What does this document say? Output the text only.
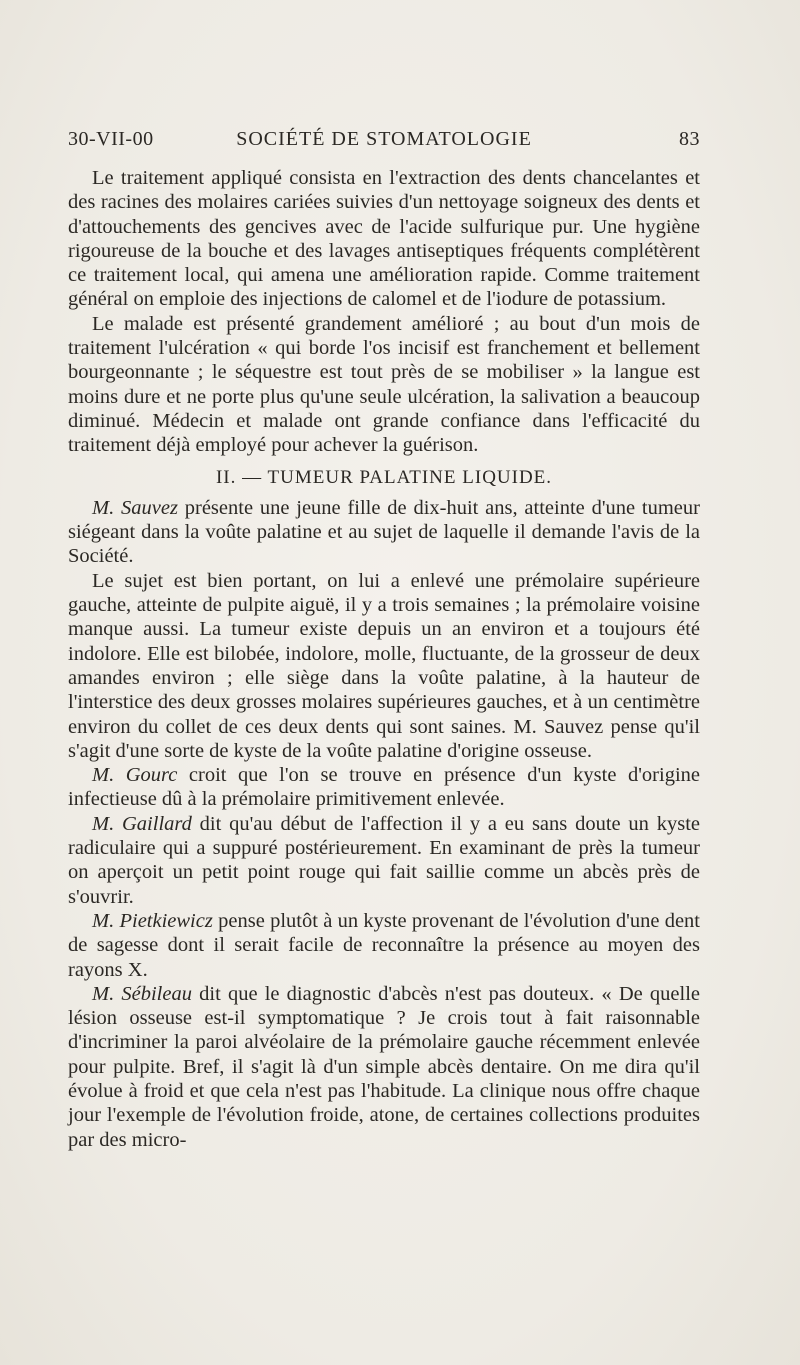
30-VII-00	SOCIÉTÉ DE STOMATOLOGIE	83

Le traitement appliqué consista en l'extraction des dents chancelantes et des racines des molaires cariées suivies d'un nettoyage soigneux des dents et d'attouchements des gencives avec de l'acide sulfurique pur. Une hygiène rigoureuse de la bouche et des lavages antiseptiques fréquents complétèrent ce traitement local, qui amena une amélioration rapide. Comme traitement général on emploie des injections de calomel et de l'iodure de potassium.

Le malade est présenté grandement amélioré ; au bout d'un mois de traitement l'ulcération « qui borde l'os incisif est franchement et bellement bourgeonnante ; le séquestre est tout près de se mobiliser » la langue est moins dure et ne porte plus qu'une seule ulcération, la salivation a beaucoup diminué. Médecin et malade ont grande confiance dans l'efficacité du traitement déjà employé pour achever la guérison.

II. — TUMEUR PALATINE LIQUIDE.

M. Sauvez présente une jeune fille de dix-huit ans, atteinte d'une tumeur siégeant dans la voûte palatine et au sujet de laquelle il demande l'avis de la Société.

Le sujet est bien portant, on lui a enlevé une prémolaire supérieure gauche, atteinte de pulpite aiguë, il y a trois semaines ; la prémolaire voisine manque aussi. La tumeur existe depuis un an environ et a toujours été indolore. Elle est bilobée, indolore, molle, fluctuante, de la grosseur de deux amandes environ ; elle siège dans la voûte palatine, à la hauteur de l'interstice des deux grosses molaires supérieures gauches, et à un centimètre environ du collet de ces deux dents qui sont saines. M. Sauvez pense qu'il s'agit d'une sorte de kyste de la voûte palatine d'origine osseuse.

M. Gourc croit que l'on se trouve en présence d'un kyste d'origine infectieuse dû à la prémolaire primitivement enlevée.

M. Gaillard dit qu'au début de l'affection il y a eu sans doute un kyste radiculaire qui a suppuré postérieurement. En examinant de près la tumeur on aperçoit un petit point rouge qui fait saillie comme un abcès près de s'ouvrir.

M. Pietkiewicz pense plutôt à un kyste provenant de l'évolution d'une dent de sagesse dont il serait facile de reconnaître la présence au moyen des rayons X.

M. Sébileau dit que le diagnostic d'abcès n'est pas douteux. « De quelle lésion osseuse est-il symptomatique ? Je crois tout à fait raisonnable d'incriminer la paroi alvéolaire de la prémolaire gauche récemment enlevée pour pulpite. Bref, il s'agit là d'un simple abcès dentaire. On me dira qu'il évolue à froid et que cela n'est pas l'habitude. La clinique nous offre chaque jour l'exemple de l'évolution froide, atone, de certaines collections produites par des micro-
